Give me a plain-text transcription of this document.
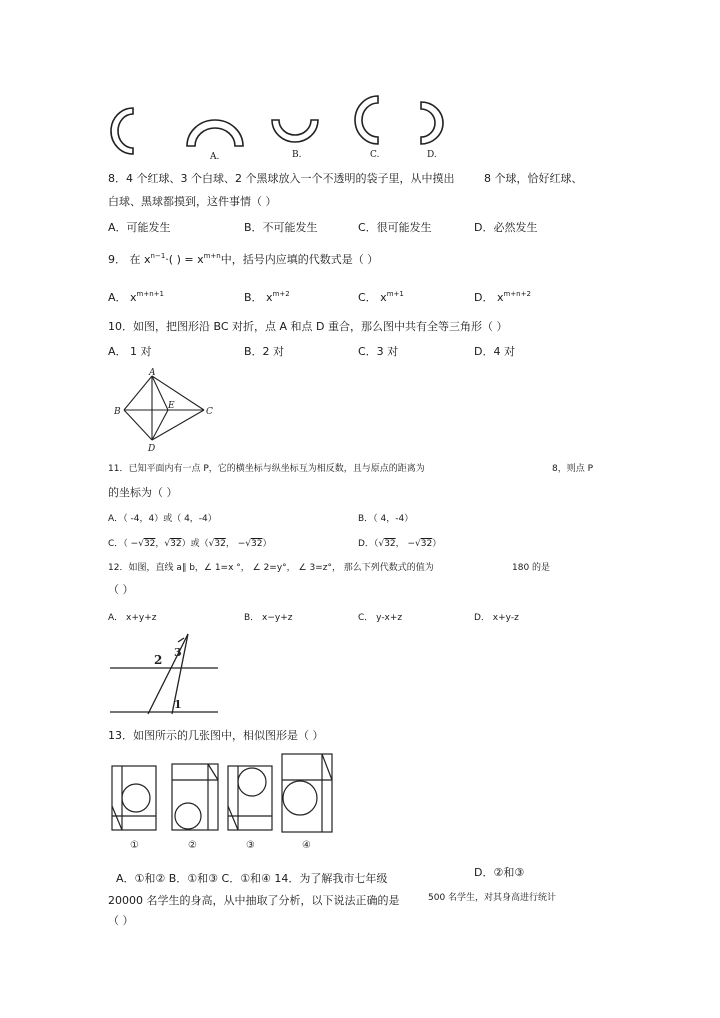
A.	B.	C.	D.
8．4 个红球、3 个白球、2 个黑球放入一个不透明的袋子里，从中摸出	8 个球，恰好红球、
白球、黑球都摸到，这件事情（ ）
A．可能发生	B．不可能发生	C．很可能发生	D．必然发生
9． 在 $x^{n-1}\cdot$( ) = $x^{m+n}$中，括号内应填的代数式是（ ）
A． $x^{m+n+1}$	B． $x^{m+2}$	C． $x^{m+1}$	D． $x^{m+n+2}$
10．如图，把图形沿 BC 对折，点 A 和点 D 重合，那么图中共有全等三角形（ ）
A． 1 对	B．2 对	C．3 对	D．4 对
A
B
E
C
D
11．已知平面内有一点 P，它的横坐标与纵坐标互为相反数，且与原点的距离为	8，则点 P
的坐标为（ ）
A．（ -4，4）或（ 4，-4）	B．（ 4，-4）
C．（ −√32，√32）或（√32， −√32）	D．（√32， −√32）
12．如图，直线 a∥ b，∠ 1=x °， ∠ 2=y°， ∠ 3=z°， 那么下列代数式的值为	180 的是
（ ）
A． x+y+z	B． x−y+z	C． y-x+z	D． x+y-z
2
3
1
13．如图所示的几张图中，相似图形是（ ）
①	②	③	④
D．②和③
A．①和② B．①和③ C．①和④ 14．为了解我市七年级
20000 名学生的身高，从中抽取了分析，以下说法正确的是	500 名学生，对其身高进行统计
（ ）
